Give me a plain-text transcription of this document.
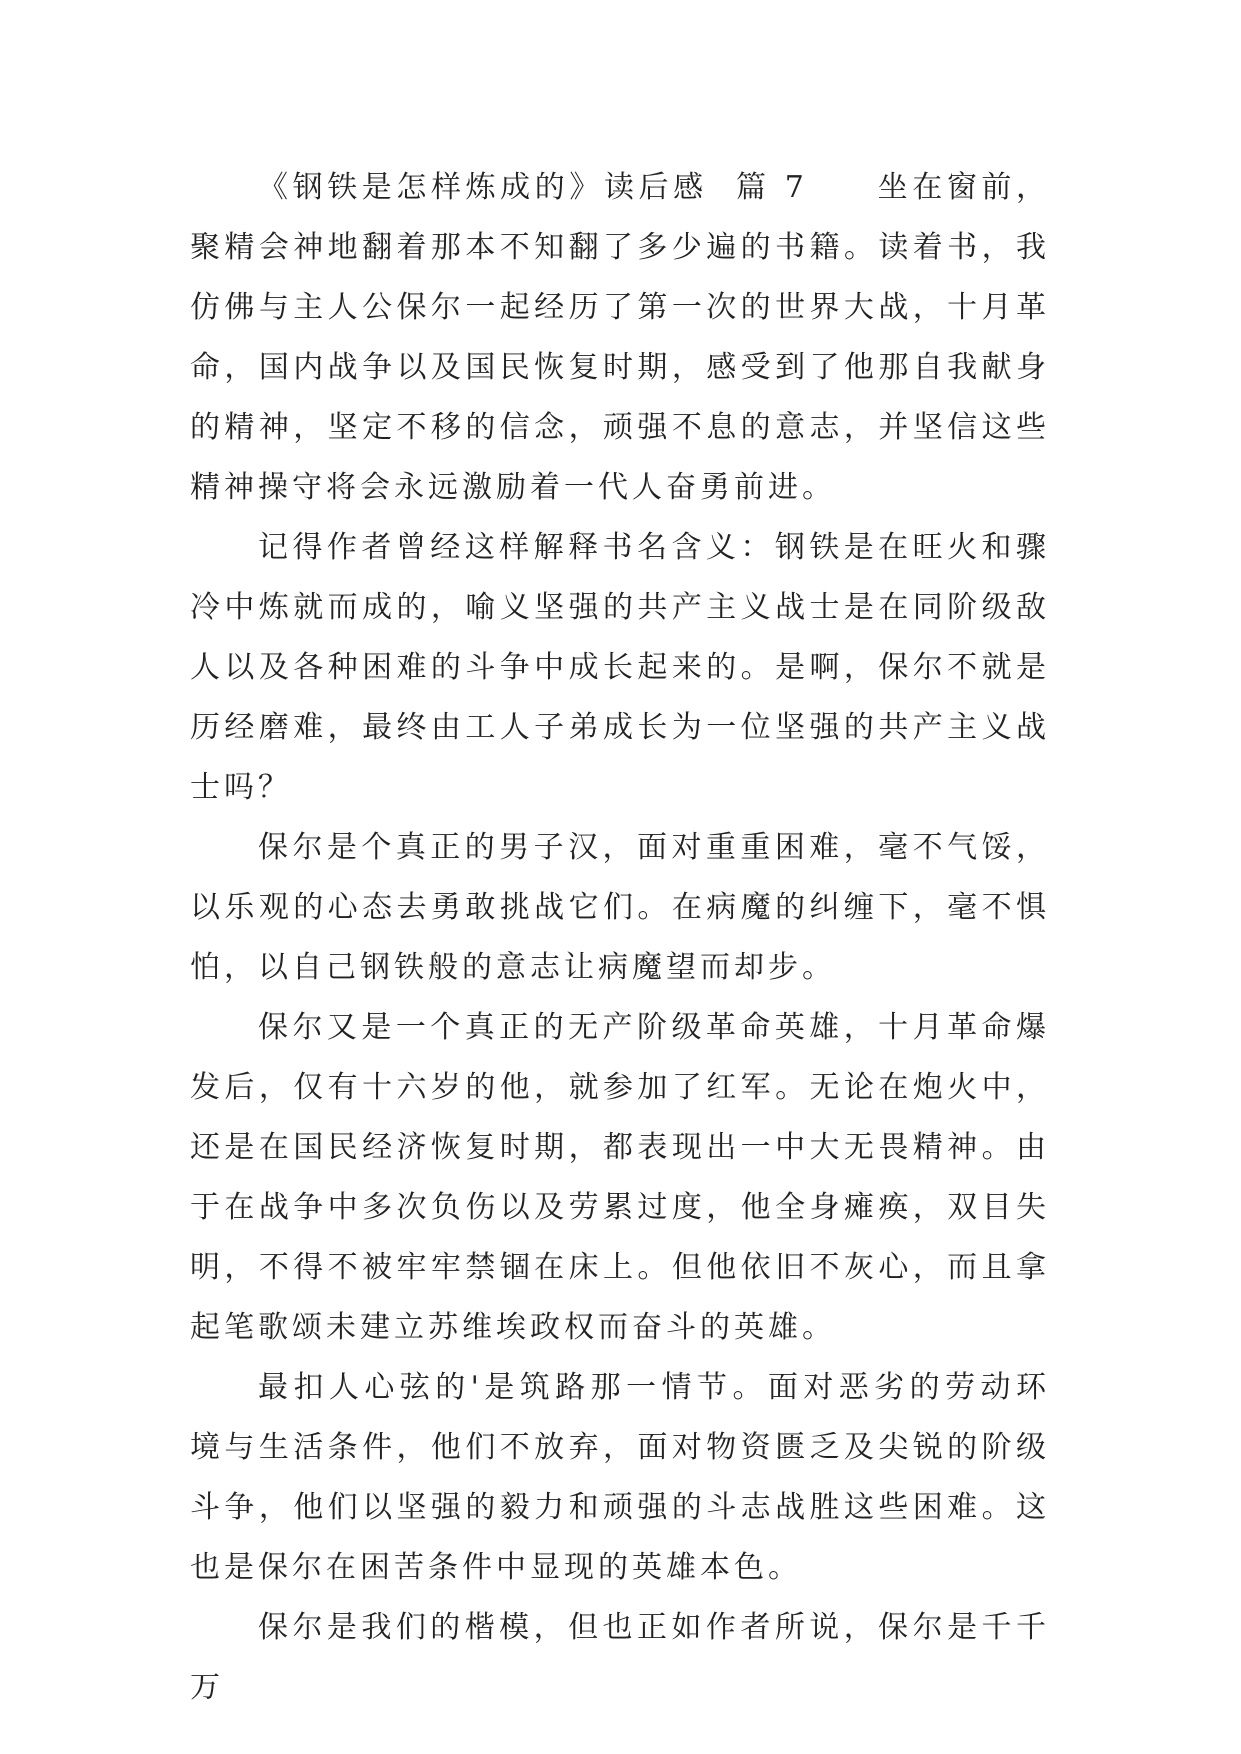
《钢铁是怎样炼成的》读后感  篇 7　　 坐在窗前，聚精会神地翻着那本不知翻了多少遍的书籍。读着书，我仿佛与主人公保尔一起经历了第一次的世界大战，十月革命，国内战争以及国民恢复时期，感受到了他那自我献身的精神，坚定不移的信念，顽强不息的意志，并坚信这些精神操守将会永远激励着一代人奋勇前进。

记得作者曾经这样解释书名含义：钢铁是在旺火和骤冷中炼就而成的，喻义坚强的共产主义战士是在同阶级敌人以及各种困难的斗争中成长起来的。是啊，保尔不就是历经磨难，最终由工人子弟成长为一位坚强的共产主义战士吗？

保尔是个真正的男子汉，面对重重困难，毫不气馁，以乐观的心态去勇敢挑战它们。在病魔的纠缠下，毫不惧怕，以自己钢铁般的意志让病魔望而却步。

保尔又是一个真正的无产阶级革命英雄，十月革命爆发后，仅有十六岁的他，就参加了红军。无论在炮火中，还是在国民经济恢复时期，都表现出一中大无畏精神。由于在战争中多次负伤以及劳累过度，他全身瘫痪，双目失明，不得不被牢牢禁锢在床上。但他依旧不灰心，而且拿起笔歌颂未建立苏维埃政权而奋斗的英雄。

最扣人心弦的'是筑路那一情节。面对恶劣的劳动环境与生活条件，他们不放弃，面对物资匮乏及尖锐的阶级斗争，他们以坚强的毅力和顽强的斗志战胜这些困难。这也是保尔在困苦条件中显现的英雄本色。

保尔是我们的楷模，但也正如作者所说，保尔是千千万
